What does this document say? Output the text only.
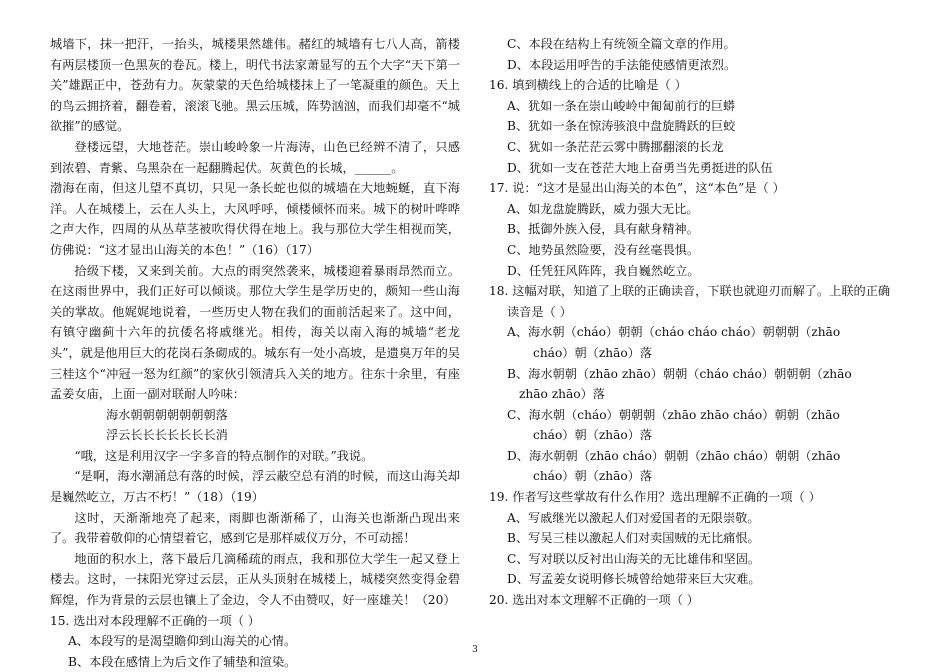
城墙下，抹一把汗，一抬头，城楼果然雄伟。赭红的城墙有七八人高，箭楼有两层楼顶一色黑灰的卷瓦。楼上，明代书法家萧显写的五个大字“天下第一关”雄踞正中，苍劲有力。灰蒙蒙的天色给城楼抹上了一笔凝重的颜色。天上的鸟云拥挤着，翻卷着，滚滚飞驰。黑云压城，阵势汹汹，而我们却毫不“城欲摧”的感觉。

登楼远望，大地苍茫。崇山峻岭象一片海涛，山色已经辨不清了，只感到浓碧、青紫、乌黑杂在一起翻腾起伏。灰黄色的长城，______。

渤海在南，但这儿望不真切，只见一条长蛇也似的城墙在大地蜿蜒，直下海洋。人在城楼上，云在人头上，大风呼呼，倾楼倾怀而来。城下的树叶哗哗之声大作，四周的从丛草茎被吹得伏得在地上。我与那位大学生相视而笑，仿佛说：“这才显出山海关的本色！”（16）（17）

拾级下楼，又来到关前。大点的雨突然袭来，城楼迎着暴雨昂然而立。在这雨世界中，我们正好可以倾谈。那位大学生是学历史的，颇知一些山海关的掌故。他娓娓地说着，一些历史人物在我们的面前活起来了。这中间，有镇守幽蓟十六年的抗倭名将戚继光。相传，海关以南入海的城墙“老龙头”，就是他用巨大的花岗石条砌成的。城东有一处小高坡，是遗臭万年的吴三桂这个“冲冠一怒为红颜”的家伙引领清兵入关的地方。往东十余里，有座孟姜女庙，上面一副对联耐人吟味：

海水朝朝朝朝朝朝朝落

浮云长长长长长长长消

“哦，这是利用汉字一字多音的特点制作的对联。”我说。

“是啊，海水潮涌总有落的时候，浮云蔽空总有消的时候，而这山海关却是巍然屹立，万古不朽！”（18）（19）

这时，天渐渐地亮了起来，雨脚也渐渐稀了，山海关也渐渐凸现出来了。我带着敬仰的心情望着它，感到它是那样威仪万分，不可动摇！

地面的积水上，落下最后几滴稀疏的雨点，我和那位大学生一起又登上楼去。这时，一抹阳光穿过云层，正从头顶射在城楼上，城楼突然变得金碧辉煌，作为背景的云层也镶上了金边，令人不由赞叹，好一座雄关！（20）

15. 选出对本段理解不正确的一项（ ）

A、本段写的是渴望瞻仰到山海关的心情。

B、本段在感情上为后文作了辅垫和渲染。

C、本段在结构上有统领全篇文章的作用。

D、本段运用呼告的手法能使感情更浓烈。

16. 填到横线上的合适的比喻是（ ）

A、犹如一条在崇山峻岭中匍匐前行的巨蟒

B、犹如一条在惊涛骇浪中盘旋腾跃的巨蛟

C、犹如一条茫茫云雾中腾挪翻滚的长龙

D、犹如一支在苍茫大地上奋勇当先勇挺进的队伍

17. 说：“这才是显出山海关的本色”，这“本色”是（ ）

A、如龙盘旋腾跃，威力强大无比。

B、抵御外族入侵，具有献身精神。

C、地势虽然险要，没有丝毫畏惧。

D、任凭狂风阵阵，我自巍然屹立。

18. 这幅对联，知道了上联的正确读音，下联也就迎刃而解了。上联的正确

读音是（ ）

A、海水朝（cháo）朝朝（cháo cháo cháo）朝朝朝（zhāo

cháo）朝（zhāo）落

B、海水朝朝（zhāo zhāo）朝朝（cháo cháo）朝朝朝（zhāo

zhāo zhāo）落

C、海水朝（cháo）朝朝朝（zhāo zhāo cháo）朝朝（zhāo

cháo）朝（zhāo）落

D、海水朝朝（zhāo cháo）朝朝（zhāo cháo）朝朝（zhāo

cháo）朝（zhāo）落

19. 作者写这些掌故有什么作用？选出理解不正确的一项（ ）

A、写戚继光以激起人们对爱国者的无限崇敬。

B、写吴三桂以激起人们对卖国贼的无比痛恨。

C、写对联以反衬出山海关的无比雄伟和坚固。

D、写孟姜女说明修长城曾给她带来巨大灾难。

20. 选出对本文理解不正确的一项（ ）

3
